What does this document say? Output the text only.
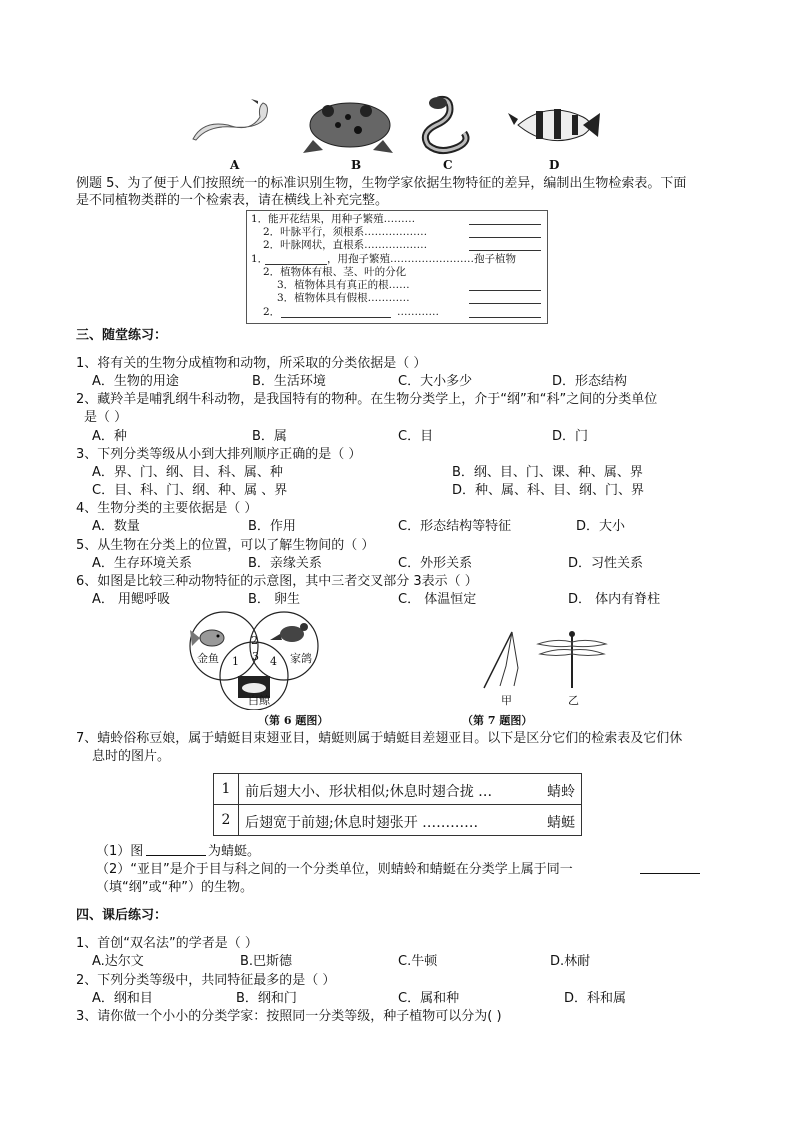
A	B	C	D
例题 5、为了便于人们按照统一的标准识别生物，生物学家依据生物特征的差异，编制出生物检索表。下面
是不同植物类群的一个检索表，请在横线上补充完整。
1．能开花结果，用种子繁殖………
2．叶脉平行，须根系………………
2．叶脉网状，直根系………………
1．	，用孢子繁殖……………………孢子植物
2．植物体有根、茎、叶的分化
3．植物体具有真正的根……
3．植物体具有假根…………
2．	…………
三、随堂练习：
1、将有关的生物分成植物和动物，所采取的分类依据是（ ）
A．生物的用途	B．生活环境	C．大小多少	D．形态结构
2、藏羚羊是哺乳纲牛科动物，是我国特有的物种。在生物分类学上，介于“纲”和“科”之间的分类单位
是（ ）
A．种	B．属	C．目	D．门
3、下列分类等级从小到大排列顺序正确的是（ ）
A．界、门、纲、目、科、属、种	B．纲、目、门、课、种、属、界
C．目、科、门、纲、种、属 、界	D．种、属、科、目、纲、门、界
4、生物分类的主要依据是（ ）
A．数量	B．作用	C．形态结构等特征	D．大小
5、从生物在分类上的位置，可以了解生物间的（ ）
A．生存环境关系	B．亲缘关系	C．外形关系	D．习性关系
6、如图是比较三种动物特征的示意图，其中三者交叉部分 3表示（ ）
A． 用鳃呼吸	B． 卵生	C． 体温恒定	D． 体内有脊柱
金鱼	家鸽
白鲸
1
2
3 4
甲	乙
（第 6 题图）	（第 7 题图）
7、蜻蛉俗称豆娘，属于蜻蜓目束翅亚目，蜻蜓则属于蜻蜓目差翅亚目。以下是区分它们的检索表及它们休
息时的图片。
1	前后翅大小、形状相似;休息时翅合拢 … 蜻蛉

2	后翅宽于前翅;休息时翅张开 ………… 蜻蜓
（1）图	为蜻蜓。
（2）“亚目”是介于目与科之间的一个分类单位，则蜻蛉和蜻蜓在分类学上属于同一
（填“纲”或“种”）的生物。
四、课后练习：
1、首创“双名法”的学者是（ ）
A.达尔文	B.巴斯德	C.牛顿	D.林耐
2、下列分类等级中，共同特征最多的是（ ）
A．纲和目	B．纲和门	C．属和种	D．科和属
3、请你做一个小小的分类学家：按照同一分类等级，种子植物可以分为( )
